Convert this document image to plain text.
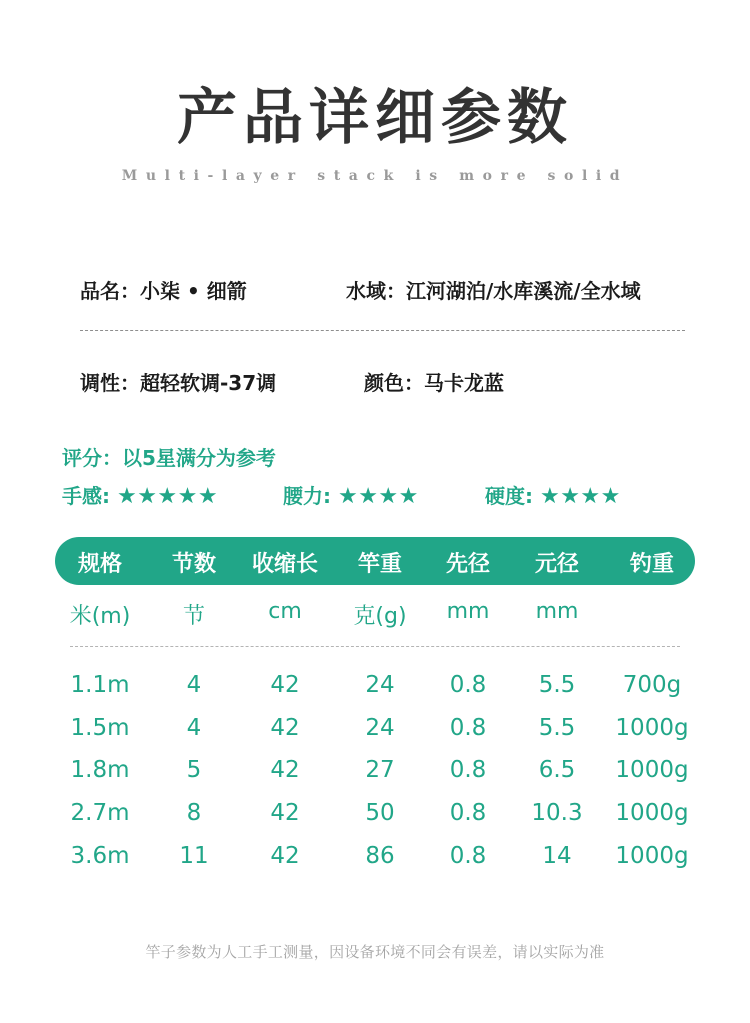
产品详细参数
Multi-layer stack is more solid
品名：小柒 • 细箭	水域：江河湖泊/水库溪流/全水域
调性：超轻软调-37调	颜色：马卡龙蓝
评分：以5星满分为参考
手感: ★★★★★	腰力: ★★★★	硬度: ★★★★
规格	节数	收缩长	竿重	先径	元径	钓重
米(m)	节	cm	克(g)	mm	mm
1.1m	4	42	24	0.8	5.5	700g
1.5m	4	42	24	0.8	5.5	1000g
1.8m	5	42	27	0.8	6.5	1000g
2.7m	8	42	50	0.8	10.3	1000g
3.6m	11	42	86	0.8	14	1000g
竿子参数为人工手工测量，因设备环境不同会有误差，请以实际为准
